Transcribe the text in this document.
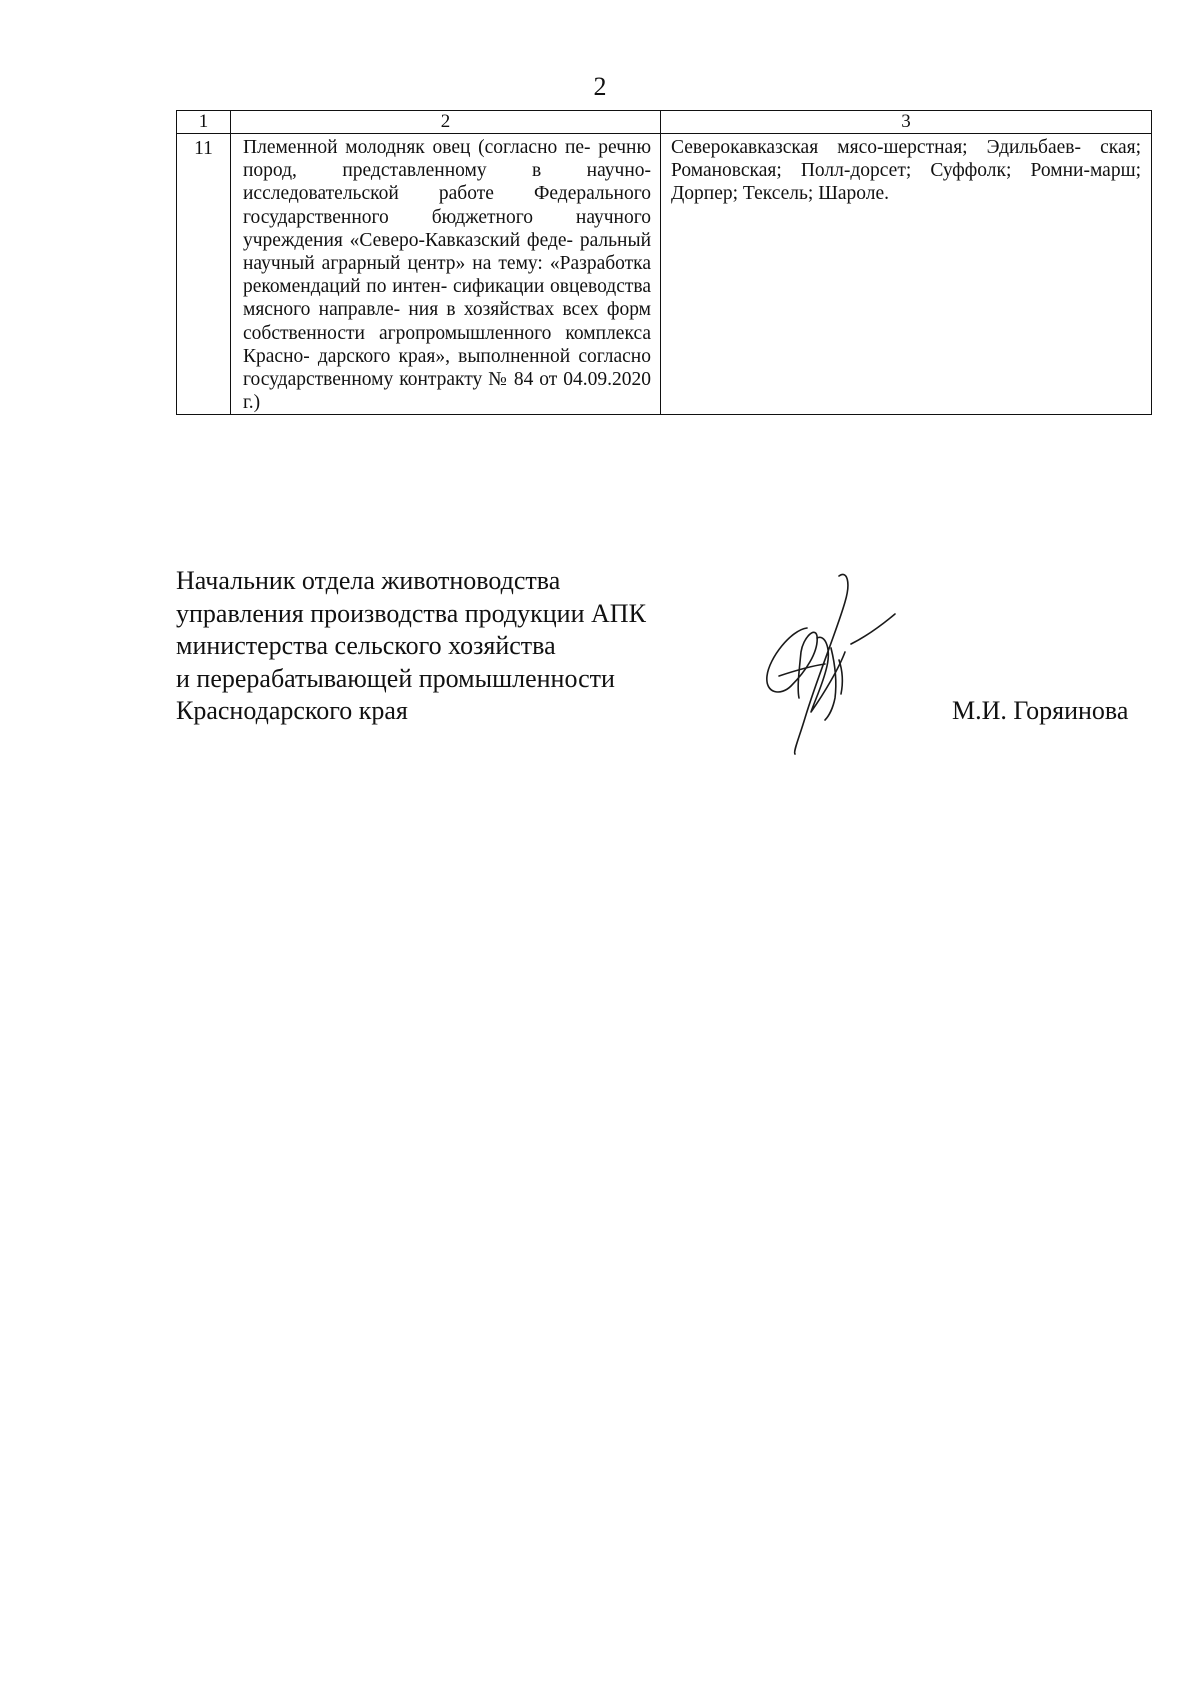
2
1	2	3
11	Племенной молодняк овец (согласно пе- речню пород, представленному в научно- исследовательской работе Федерального государственного бюджетного научного учреждения «Северо-Кавказский феде- ральный научный аграрный центр» на тему: «Разработка рекомендаций по интен- сификации овцеводства мясного направле- ния в хозяйствах всех форм собственности агропромышленного комплекса Красно- дарского края», выполненной согласно государственному контракту № 84 от 04.09.2020 г.)	Северокавказская мясо-шерстная; Эдильбаев- ская; Романовская; Полл-дорсет; Суффолк; Ромни-марш; Дорпер; Тексель; Шароле.
Начальник отдела животноводства
управления производства продукции АПК
министерства сельского хозяйства
и перерабатывающей промышленности
Краснодарского края	М.И. Горяинова
